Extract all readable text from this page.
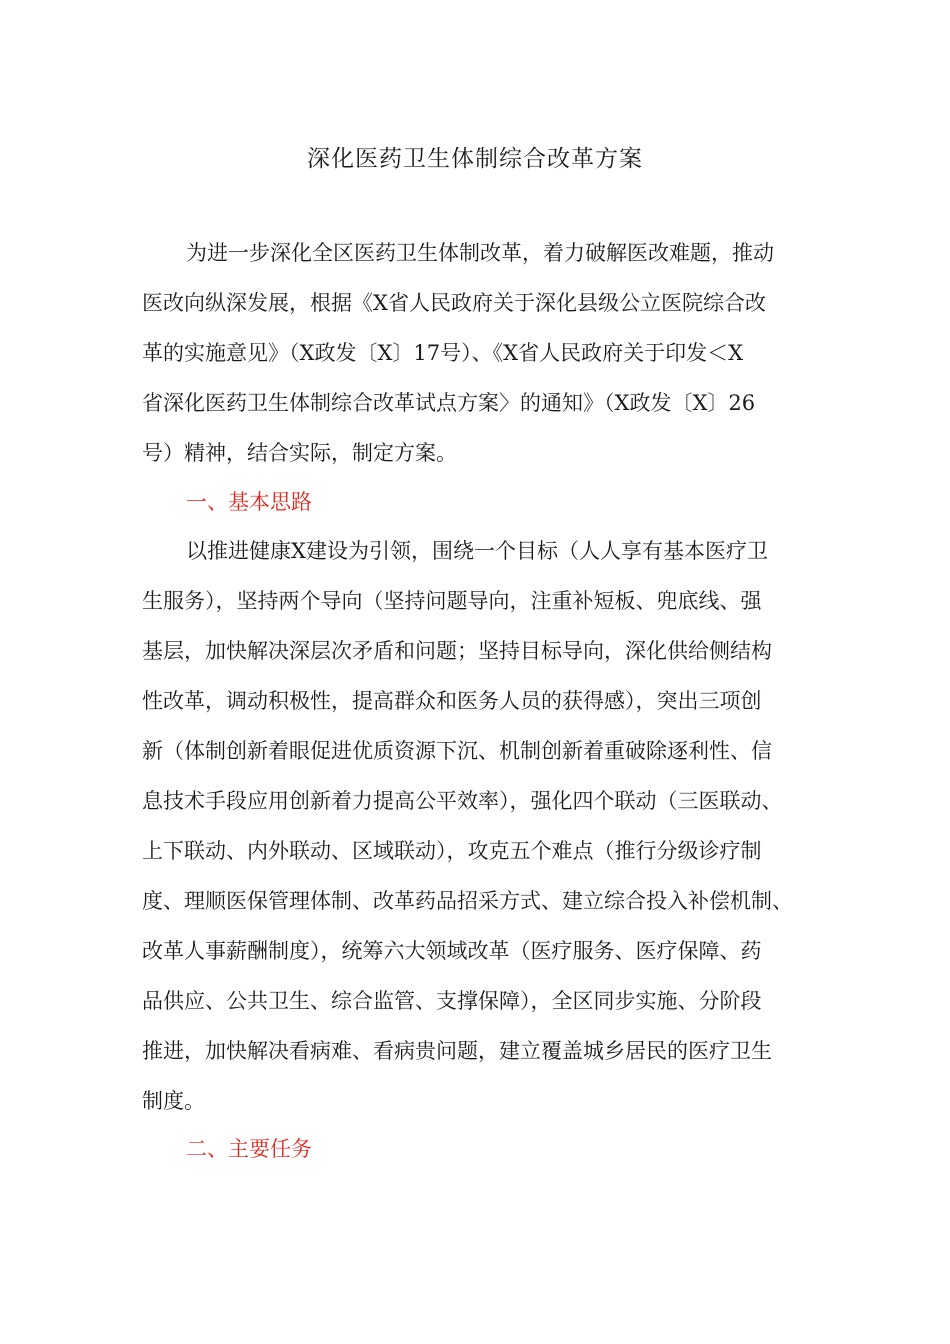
深化医药卫生体制综合改革方案
为进一步深化全区医药卫生体制改革，着力破解医改难题，推动
医改向纵深发展，根据《X省人民政府关于深化县级公立医院综合改
革的实施意见》（X政发〔X〕17号）、《X省人民政府关于印发＜X
省深化医药卫生体制综合改革试点方案〉的通知》（X政发〔X〕26
号）精神，结合实际，制定方案。
一、基本思路
以推进健康X建设为引领，围绕一个目标（人人享有基本医疗卫
生服务），坚持两个导向（坚持问题导向，注重补短板、兜底线、强
基层，加快解决深层次矛盾和问题；坚持目标导向，深化供给侧结构
性改革，调动积极性，提高群众和医务人员的获得感），突出三项创
新（体制创新着眼促进优质资源下沉、机制创新着重破除逐利性、信
息技术手段应用创新着力提高公平效率），强化四个联动（三医联动、
上下联动、内外联动、区域联动），攻克五个难点（推行分级诊疗制
度、理顺医保管理体制、改革药品招采方式、建立综合投入补偿机制、
改革人事薪酬制度），统筹六大领域改革（医疗服务、医疗保障、药
品供应、公共卫生、综合监管、支撑保障），全区同步实施、分阶段
推进，加快解决看病难、看病贵问题，建立覆盖城乡居民的医疗卫生
制度。
二、主要任务
